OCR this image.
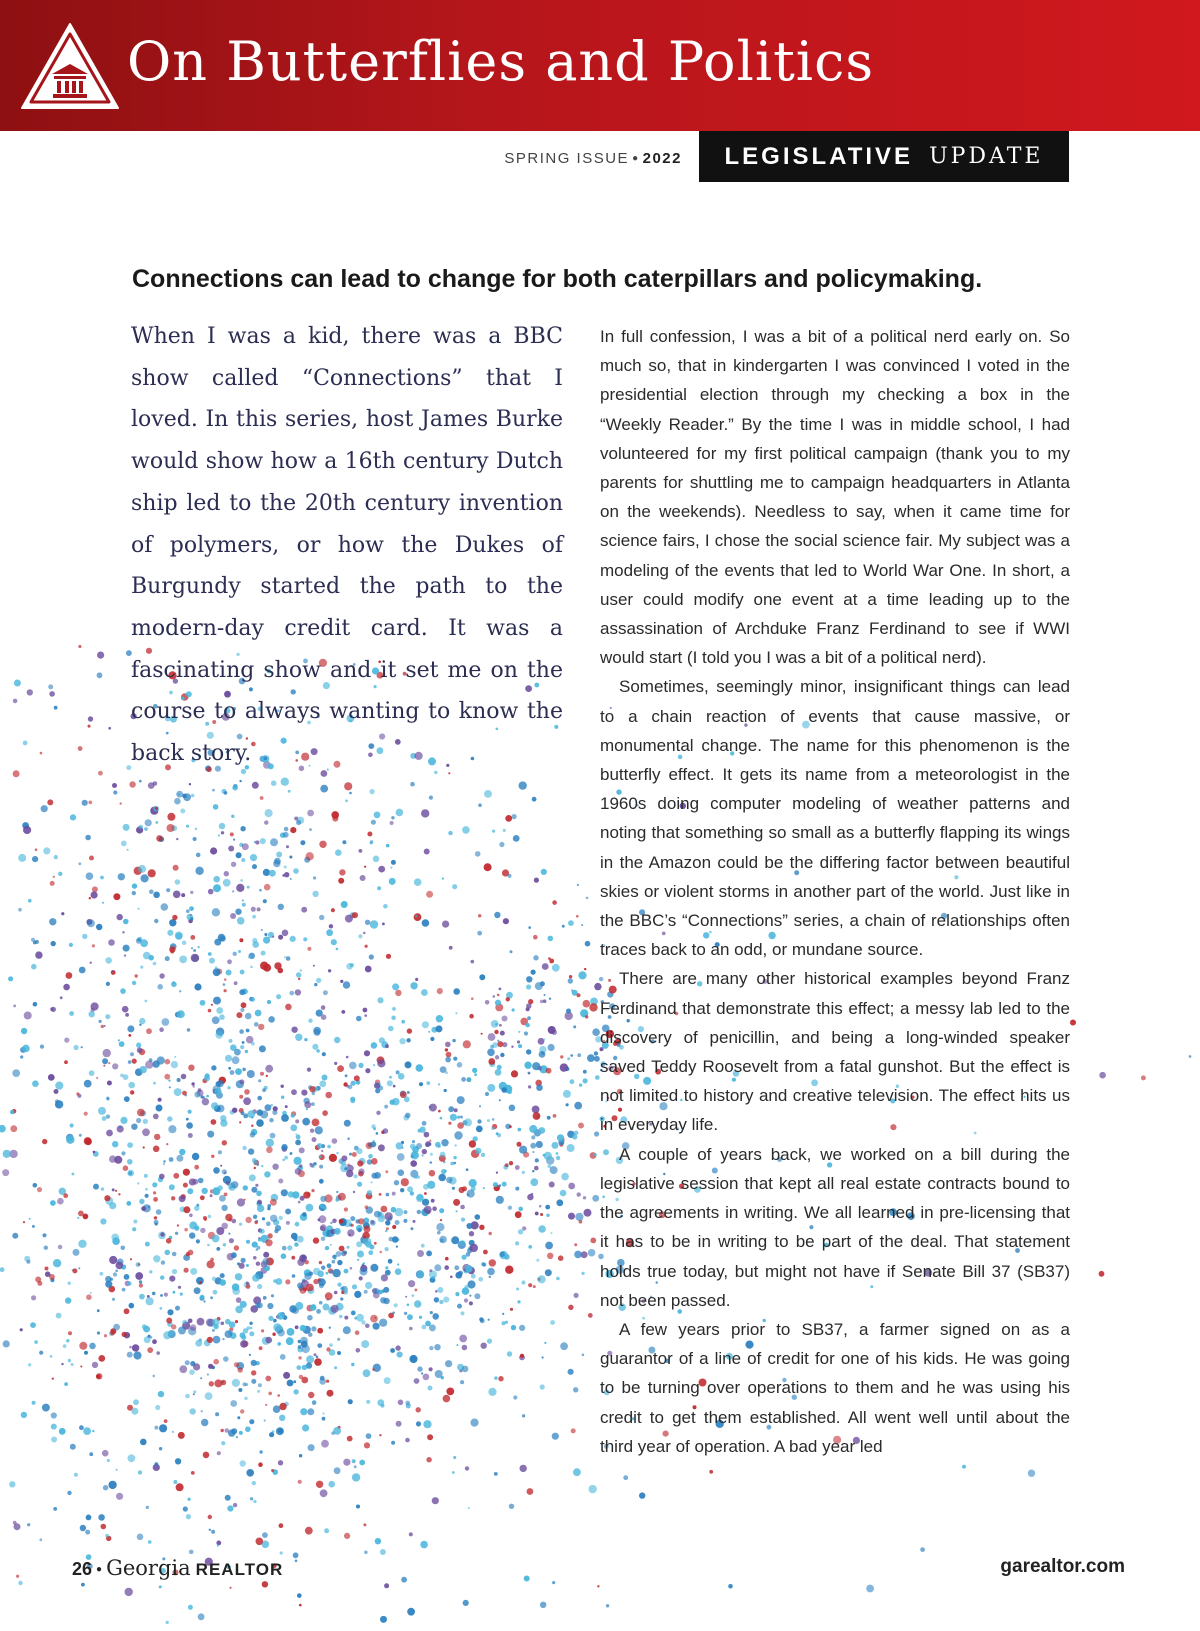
On Butterflies and Politics
SPRING ISSUE ● 2022 LEGISLATIVE UPDATE
Connections can lead to change for both caterpillars and policymaking.

When I was a kid, there was a BBC show called “Connections” that I loved. In this series, host James Burke would show how a 16th century Dutch ship led to the 20th century invention of polymers, or how the Dukes of Burgundy started the path to the modern-day credit card. It was a fascinating show and it set me on the course to always wanting to know the back story.

In full confession, I was a bit of a political nerd early on. So much so, that in kindergarten I was convinced I voted in the presidential election through my checking a box in the “Weekly Reader.” By the time I was in middle school, I had volunteered for my first political campaign (thank you to my parents for shuttling me to campaign headquarters in Atlanta on the weekends). Needless to say, when it came time for science fairs, I chose the social science fair. My subject was a modeling of the events that led to World War One. In short, a user could modify one event at a time leading up to the assassination of Archduke Franz Ferdinand to see if WWI would start (I told you I was a bit of a political nerd).

Sometimes, seemingly minor, insignificant things can lead to a chain reaction of events that cause massive, or monumental change. The name for this phenomenon is the butterfly effect. It gets its name from a meteorologist in the 1960s doing computer modeling of weather patterns and noting that something so small as a butterfly flapping its wings in the Amazon could be the differing factor between beautiful skies or violent storms in another part of the world. Just like in the BBC’s “Connections” series, a chain of relationships often traces back to an odd, or mundane source.

There are many other historical examples beyond Franz Ferdinand that demonstrate this effect; a messy lab led to the discovery of penicillin, and being a long-winded speaker saved Teddy Roosevelt from a fatal gunshot. But the effect is not limited to history and creative television. The effect hits us in everyday life.

A couple of years back, we worked on a bill during the legislative session that kept all real estate contracts bound to the agreements in writing. We all learned in pre-licensing that it has to be in writing to be part of the deal. That statement holds true today, but might not have if Senate Bill 37 (SB37) not been passed.

A few years prior to SB37, a farmer signed on as a guarantor of a line of credit for one of his kids. He was going to be turning over operations to them and he was using his credit to get them established. All went well until about the third year of operation. A bad year led

26 ● Georgia REALTOR	garealtor.com
